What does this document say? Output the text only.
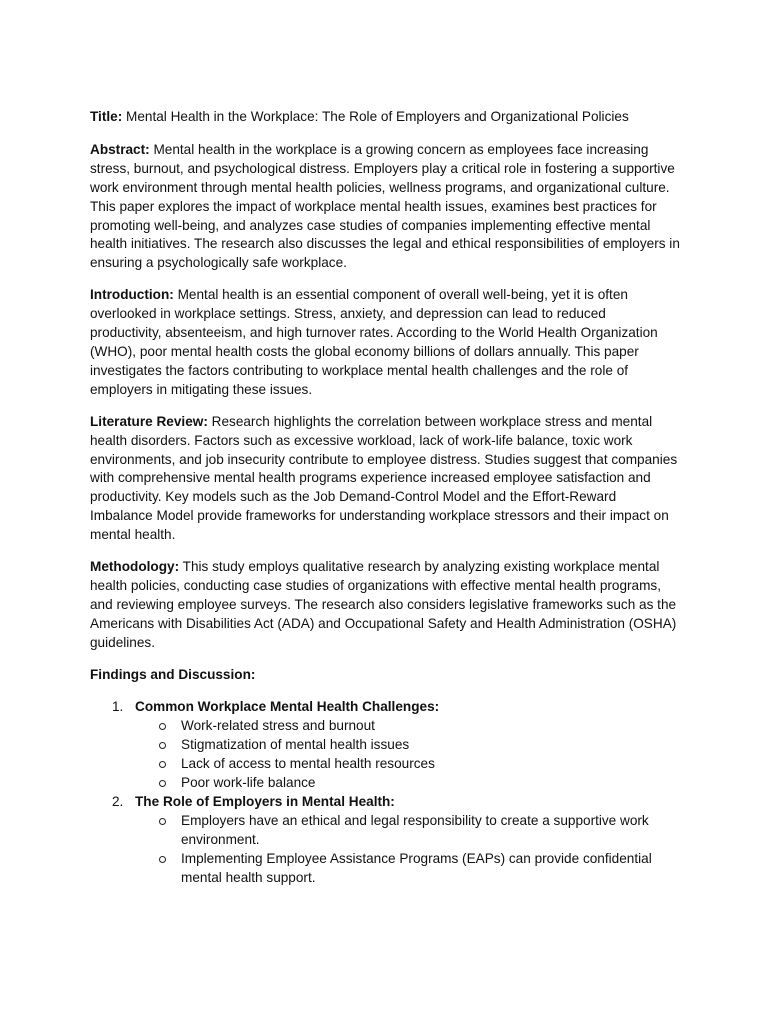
Title: Mental Health in the Workplace: The Role of Employers and Organizational Policies

Abstract: Mental health in the workplace is a growing concern as employees face increasing stress, burnout, and psychological distress. Employers play a critical role in fostering a supportive work environment through mental health policies, wellness programs, and organizational culture. This paper explores the impact of workplace mental health issues, examines best practices for promoting well-being, and analyzes case studies of companies implementing effective mental health initiatives. The research also discusses the legal and ethical responsibilities of employers in ensuring a psychologically safe workplace.

Introduction: Mental health is an essential component of overall well-being, yet it is often overlooked in workplace settings. Stress, anxiety, and depression can lead to reduced productivity, absenteeism, and high turnover rates. According to the World Health Organization (WHO), poor mental health costs the global economy billions of dollars annually. This paper investigates the factors contributing to workplace mental health challenges and the role of employers in mitigating these issues.

Literature Review: Research highlights the correlation between workplace stress and mental health disorders. Factors such as excessive workload, lack of work-life balance, toxic work environments, and job insecurity contribute to employee distress. Studies suggest that companies with comprehensive mental health programs experience increased employee satisfaction and productivity. Key models such as the Job Demand-Control Model and the Effort-Reward Imbalance Model provide frameworks for understanding workplace stressors and their impact on mental health.

Methodology: This study employs qualitative research by analyzing existing workplace mental health policies, conducting case studies of organizations with effective mental health programs, and reviewing employee surveys. The research also considers legislative frameworks such as the Americans with Disabilities Act (ADA) and Occupational Safety and Health Administration (OSHA) guidelines.

Findings and Discussion:

1. Common Workplace Mental Health Challenges:
Work-related stress and burnout
Stigmatization of mental health issues
Lack of access to mental health resources
Poor work-life balance
2. The Role of Employers in Mental Health:
Employers have an ethical and legal responsibility to create a supportive work environment.
Implementing Employee Assistance Programs (EAPs) can provide confidential mental health support.
